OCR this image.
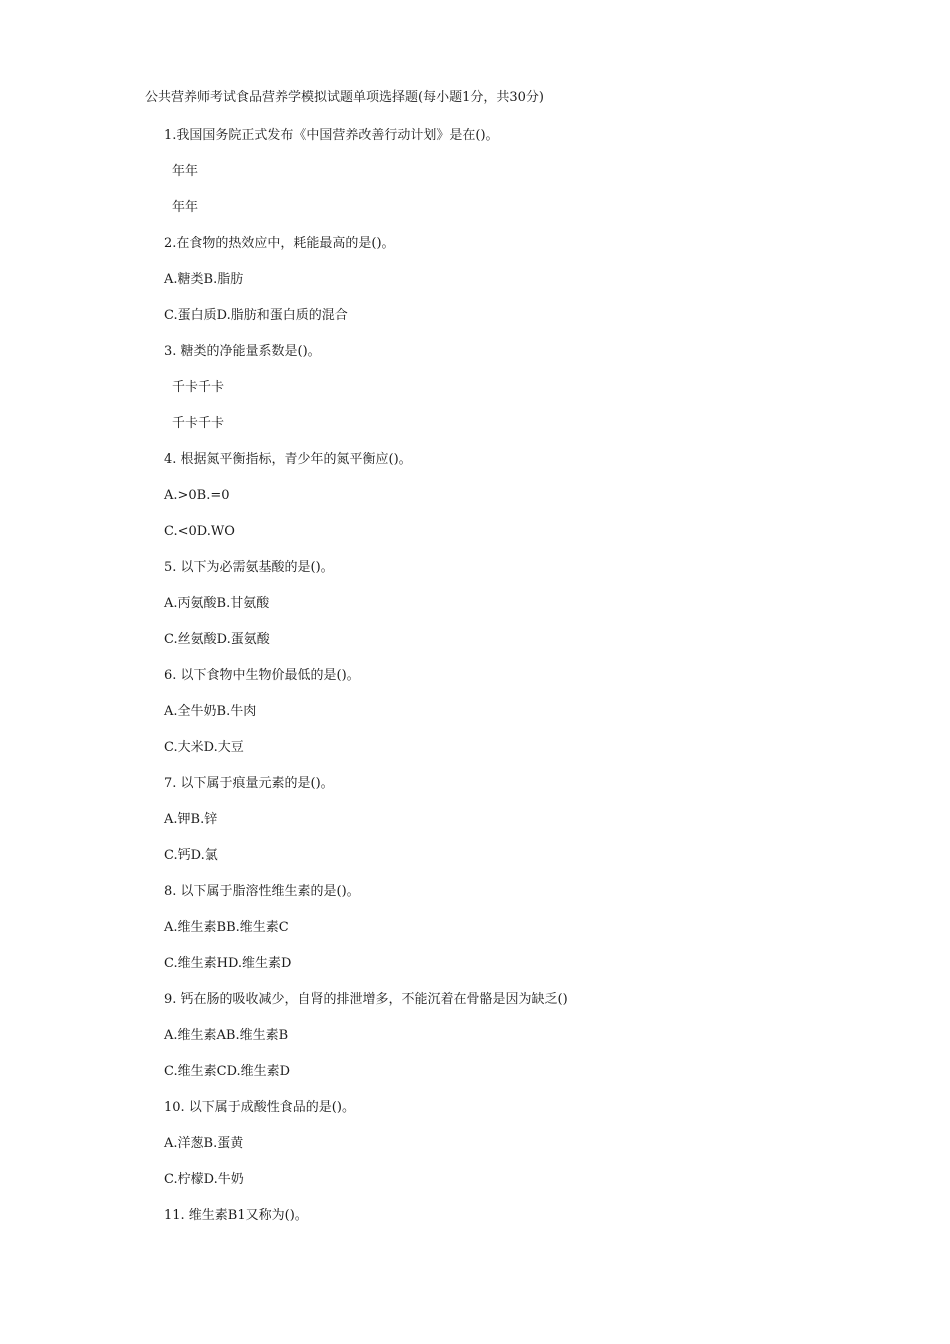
公共营养师考试食品营养学模拟试题单项选择题(每小题1分，共30分)
1.我国国务院正式发布《中国营养改善行动计划》是在()。
年年
年年
2.在食物的热效应中，耗能最高的是()。
A.糖类B.脂肪
C.蛋白质D.脂肪和蛋白质的混合
3. 糖类的净能量系数是()。
千卡千卡
千卡千卡
4. 根据氮平衡指标，青少年的氮平衡应()。
A.>0B.=0
C.<0D.WO
5. 以下为必需氨基酸的是()。
A.丙氨酸B.甘氨酸
C.丝氨酸D.蛋氨酸
6. 以下食物中生物价最低的是()。
A.全牛奶B.牛肉
C.大米D.大豆
7. 以下属于痕量元素的是()。
A.钾B.锌
C.钙D.氯
8. 以下属于脂溶性维生素的是()。
A.维生素BB.维生素C
C.维生素HD.维生素D
9. 钙在肠的吸收减少，自肾的排泄增多，不能沉着在骨骼是因为缺乏()
A.维生素AB.维生素B
C.维生素CD.维生素D
10. 以下属于成酸性食品的是()。
A.洋葱B.蛋黄
C.柠檬D.牛奶
11. 维生素B1又称为()。
